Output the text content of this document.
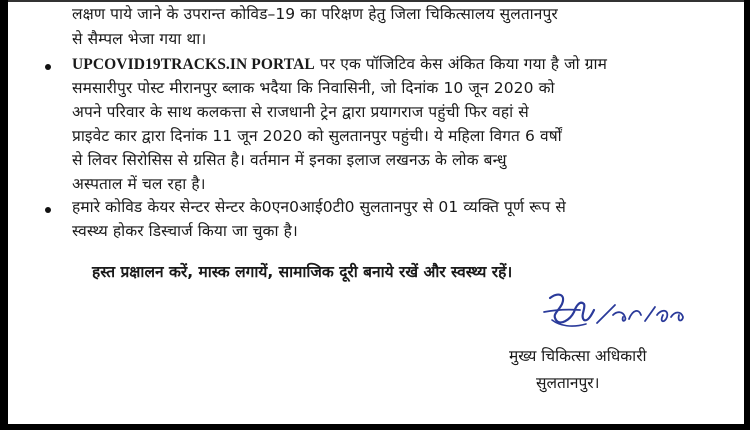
लक्षण पाये जाने के उपरान्त कोविड–19 का परिक्षण हेतु जिला चिकित्सालय सुलतानपुर
से सैम्पल भेजा गया था।
UPCOVID19TRACKS.IN PORTAL पर एक पॉजिटिव केस अंकित किया गया है जो ग्राम
समसारीपुर पोस्ट मीरानपुर ब्लाक भदैया कि निवासिनी, जो दिनांक 10 जून 2020 को
अपने परिवार के साथ कलकत्ता से राजधानी ट्रेन द्वारा प्रयागराज पहुंची फिर वहां से
प्राइवेट कार द्वारा दिनांक 11 जून 2020 को सुलतानपुर पहुंची। ये महिला विगत 6 वर्षों
से लिवर सिरोसिस से ग्रसित है। वर्तमान में इनका इलाज लखनऊ के लोक बन्धु
अस्पताल में चल रहा है।
हमारे कोविड केयर सेन्टर सेन्टर के0एन0आई0टी0 सुलतानपुर से 01 व्यक्ति पूर्ण रूप से
स्वस्थ्य होकर डिस्चार्ज किया जा चुका है।
हस्त प्रक्षालन करें, मास्क लगायें, सामाजिक दूरी बनाये रखें और स्वस्थ्य रहें।
मुख्य चिकित्सा अधिकारी
सुलतानपुर।
